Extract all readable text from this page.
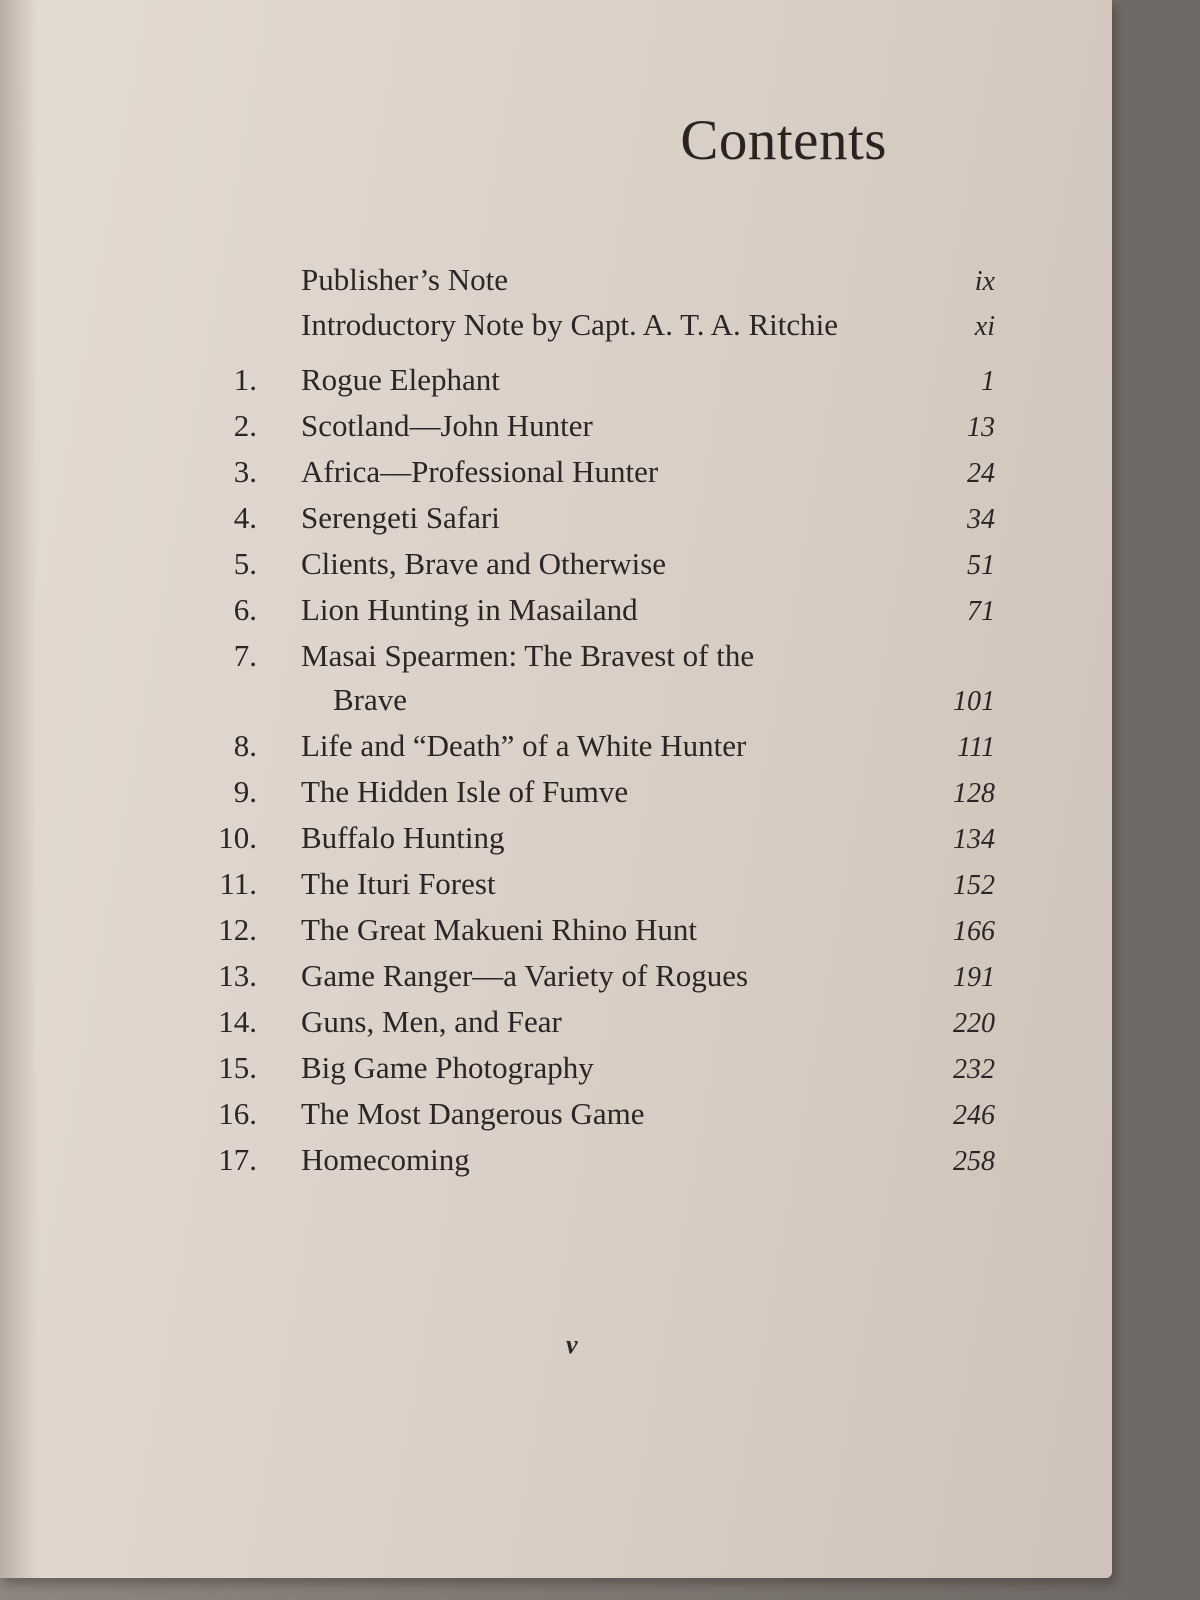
Contents
Publisher’s Note	ix
Introductory Note by Capt. A. T. A. Ritchie	xi
1.	Rogue Elephant	1
2.	Scotland—John Hunter	13
3.	Africa—Professional Hunter	24
4.	Serengeti Safari	34
5.	Clients, Brave and Otherwise	51
6.	Lion Hunting in Masailand	71
7.	Masai Spearmen: The Bravest of the
Brave	101
8.	Life and “Death” of a White Hunter	111
9.	The Hidden Isle of Fumve	128
10.	Buffalo Hunting	134
11.	The Ituri Forest	152
12.	The Great Makueni Rhino Hunt	166
13.	Game Ranger—a Variety of Rogues	191
14.	Guns, Men, and Fear	220
15.	Big Game Photography	232
16.	The Most Dangerous Game	246
17.	Homecoming	258
v
